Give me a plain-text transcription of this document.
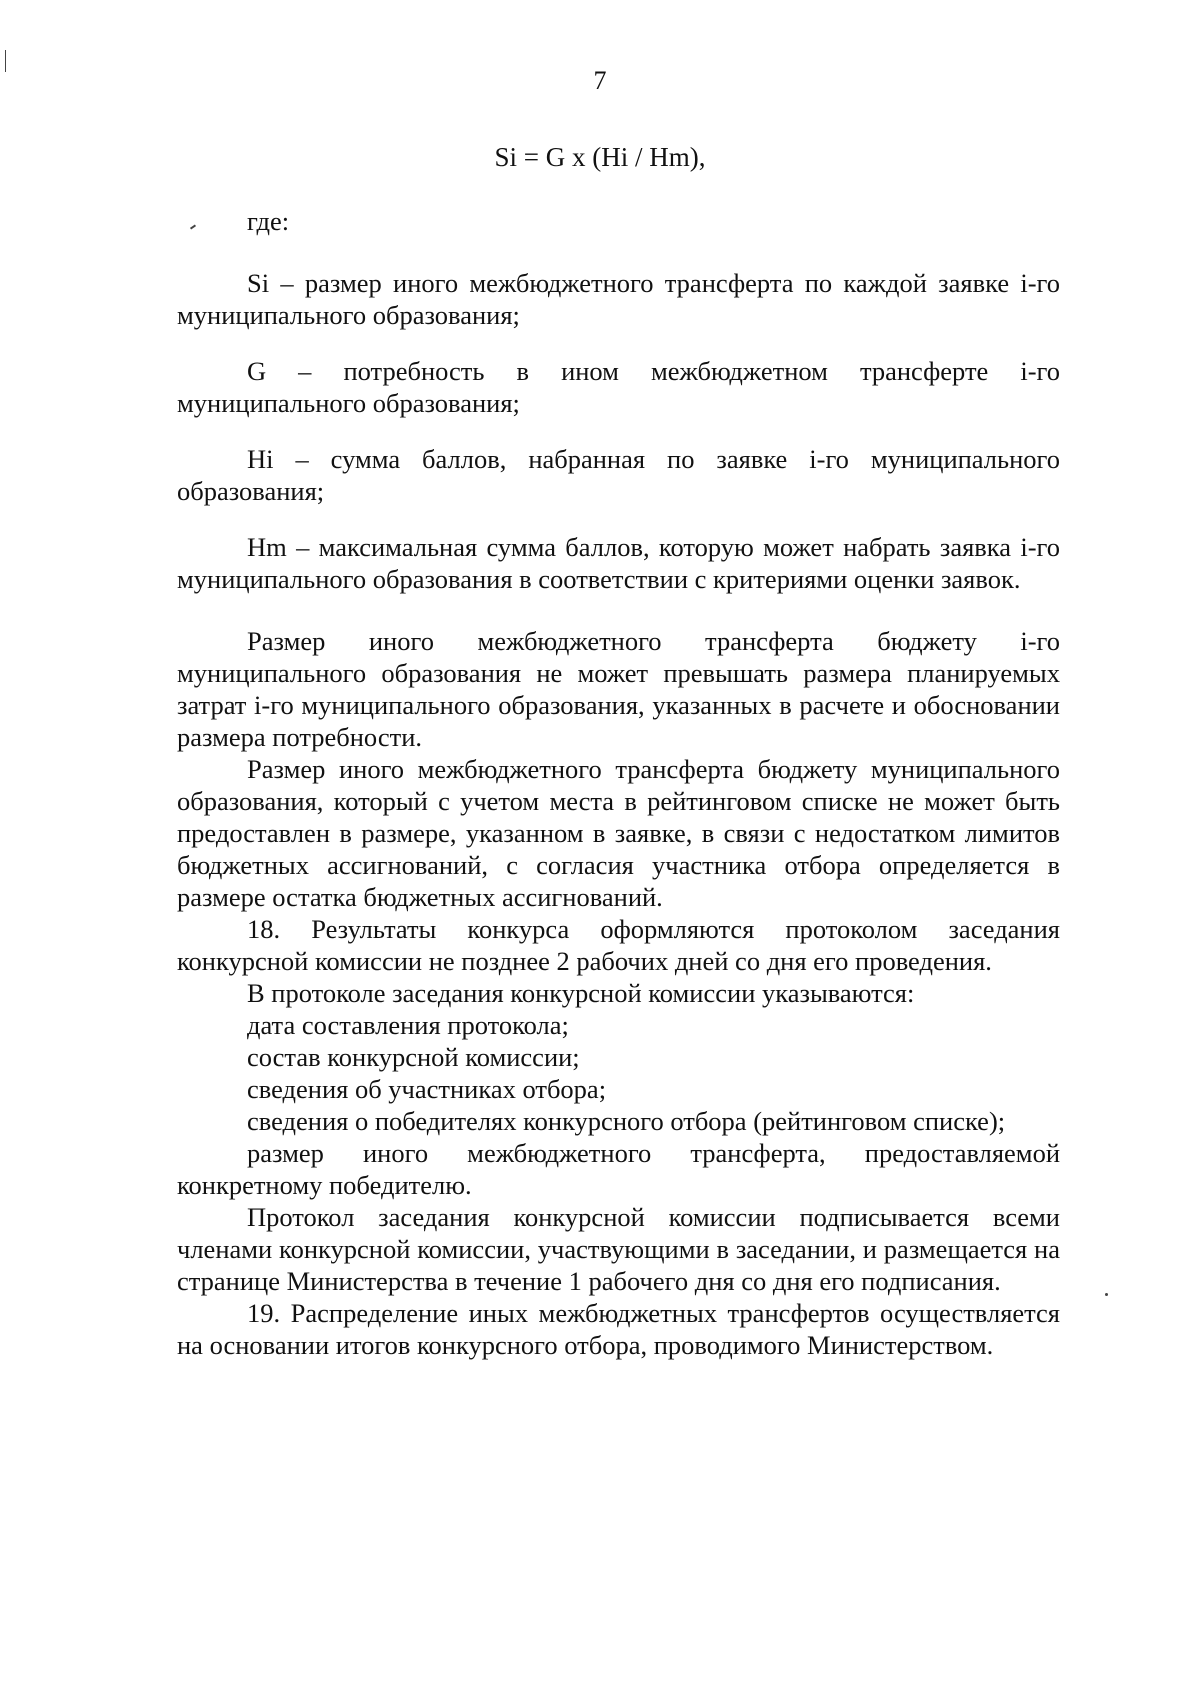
7
Si = G x (Hi / Hm),

где:

Si – размер иного межбюджетного трансферта по каждой заявке i-го муниципального образования;

G – потребность в ином межбюджетном трансферте i-го муниципального образования;

Hi – сумма баллов, набранная по заявке i-го муниципального образования;

Hm – максимальная сумма баллов, которую может набрать заявка i-го муниципального образования в соответствии с критериями оценки заявок.

Размер иного межбюджетного трансферта бюджету i-го муниципального образования не может превышать размера планируемых затрат i-го муниципального образования, указанных в расчете и обосновании размера потребности.

Размер иного межбюджетного трансферта бюджету муниципального образования, который с учетом места в рейтинговом списке не может быть предоставлен в размере, указанном в заявке, в связи с недостатком лимитов бюджетных ассигнований, с согласия участника отбора определяется в размере остатка бюджетных ассигнований.

18. Результаты конкурса оформляются протоколом заседания конкурсной комиссии не позднее 2 рабочих дней со дня его проведения.

В протоколе заседания конкурсной комиссии указываются:

дата составления протокола;

состав конкурсной комиссии;

сведения об участниках отбора;

сведения о победителях конкурсного отбора (рейтинговом списке);

размер иного межбюджетного трансферта, предоставляемой конкретному победителю.

Протокол заседания конкурсной комиссии подписывается всеми членами конкурсной комиссии, участвующими в заседании, и размещается на странице Министерства в течение 1 рабочего дня со дня его подписания.

19. Распределение иных межбюджетных трансфертов осуществляется на основании итогов конкурсного отбора, проводимого Министерством.
